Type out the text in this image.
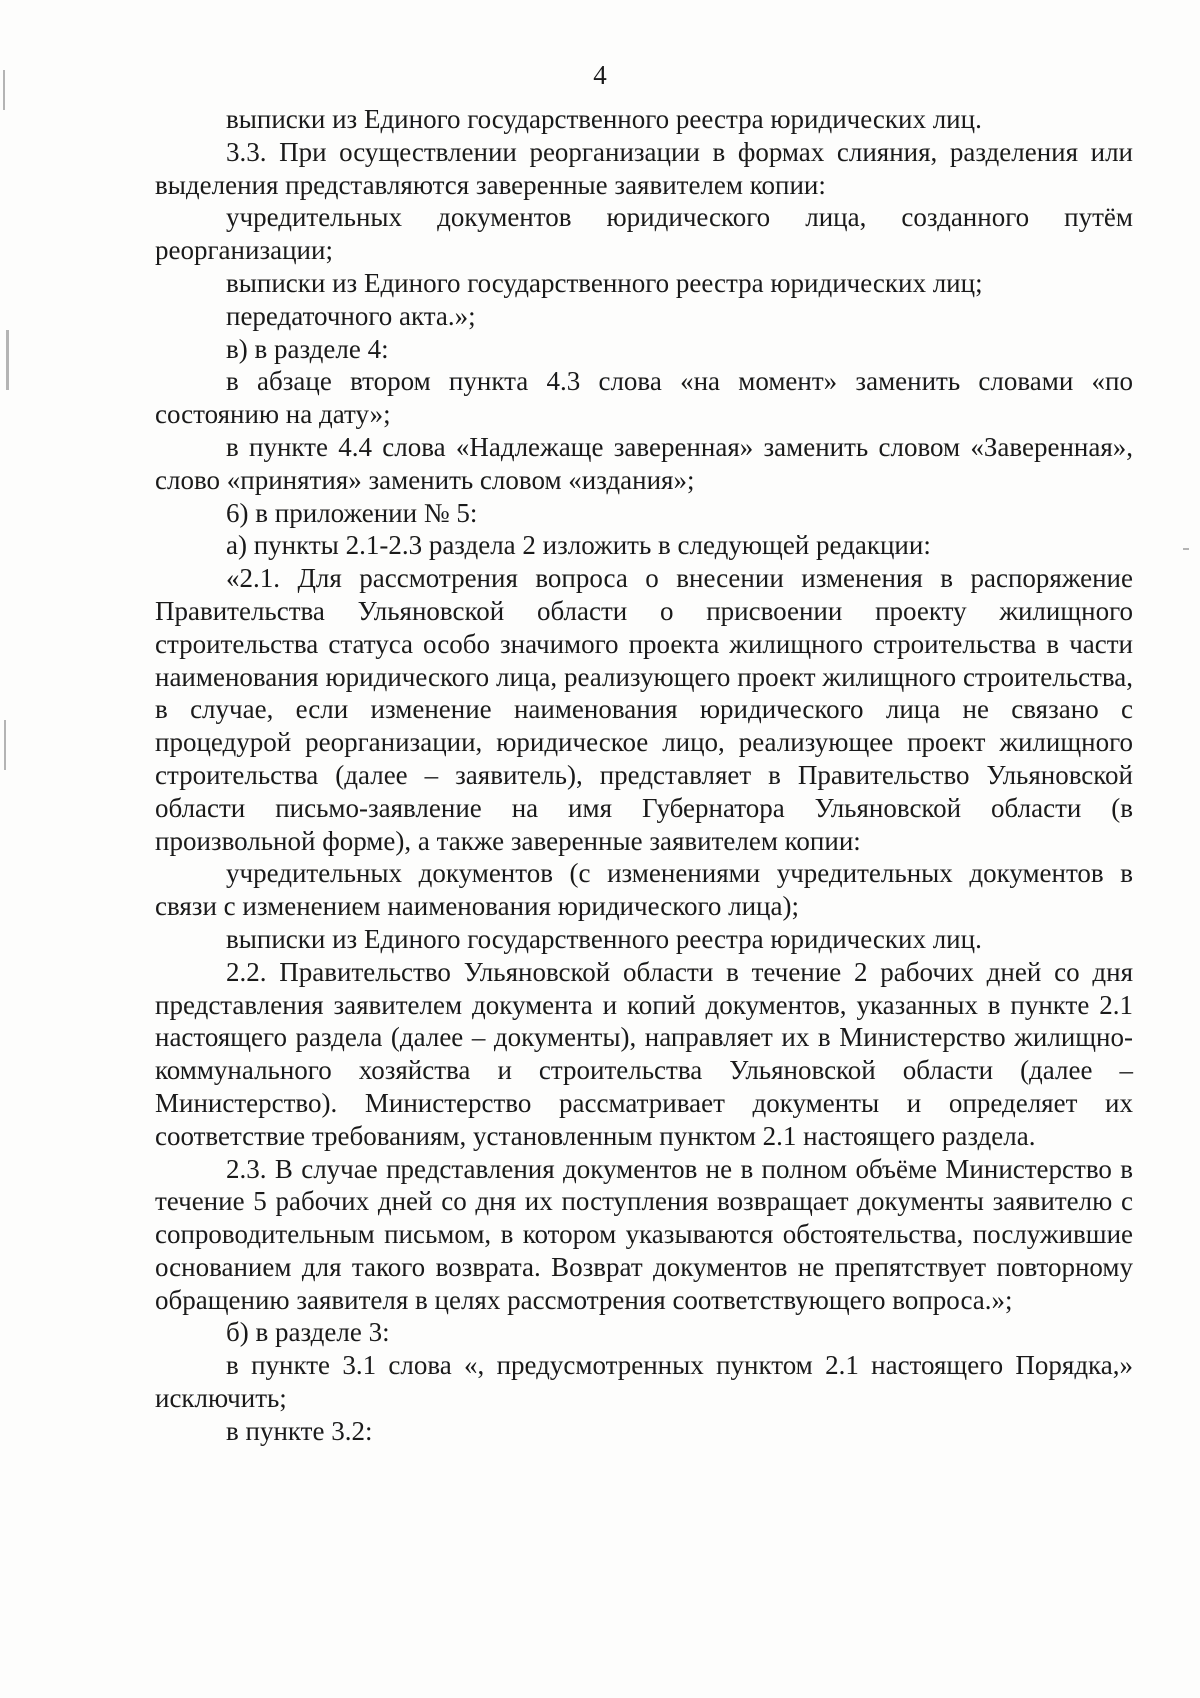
4

выписки из Единого государственного реестра юридических лиц.

3.3. При осуществлении реорганизации в формах слияния, разделения или выделения представляются заверенные заявителем копии:

учредительных документов юридического лица, созданного путём реорганизации;

выписки из Единого государственного реестра юридических лиц;

передаточного акта.»;

в) в разделе 4:

в абзаце втором пункта 4.3 слова «на момент» заменить словами «по состоянию на дату»;

в пункте 4.4 слова «Надлежаще заверенная» заменить словом «Заверенная», слово «принятия» заменить словом «издания»;

6) в приложении № 5:

а) пункты 2.1-2.3 раздела 2 изложить в следующей редакции:

«2.1. Для рассмотрения вопроса о внесении изменения в распоряжение Правительства Ульяновской области о присвоении проекту жилищного строительства статуса особо значимого проекта жилищного строительства в части наименования юридического лица, реализующего проект жилищного строительства, в случае, если изменение наименования юридического лица не связано с процедурой реорганизации, юридическое лицо, реализующее проект жилищного строительства (далее – заявитель), представляет в Правительство Ульяновской области письмо-заявление на имя Губернатора Ульяновской области (в произвольной форме), а также заверенные заявителем копии:

учредительных документов (с изменениями учредительных документов в связи с изменением наименования юридического лица);

выписки из Единого государственного реестра юридических лиц.

2.2. Правительство Ульяновской области в течение 2 рабочих дней со дня представления заявителем документа и копий документов, указанных в пункте 2.1 настоящего раздела (далее – документы), направляет их в Министерство жилищно-коммунального хозяйства и строительства Ульяновской области (далее – Министерство). Министерство рассматривает документы и определяет их соответствие требованиям, установленным пунктом 2.1 настоящего раздела.

2.3. В случае представления документов не в полном объёме Министерство в течение 5 рабочих дней со дня их поступления возвращает документы заявителю с сопроводительным письмом, в котором указываются обстоятельства, послужившие основанием для такого возврата. Возврат документов не препятствует повторному обращению заявителя в целях рассмотрения соответствующего вопроса.»;

б) в разделе 3:

в пункте 3.1 слова «, предусмотренных пунктом 2.1 настоящего Порядка,» исключить;

в пункте 3.2:
